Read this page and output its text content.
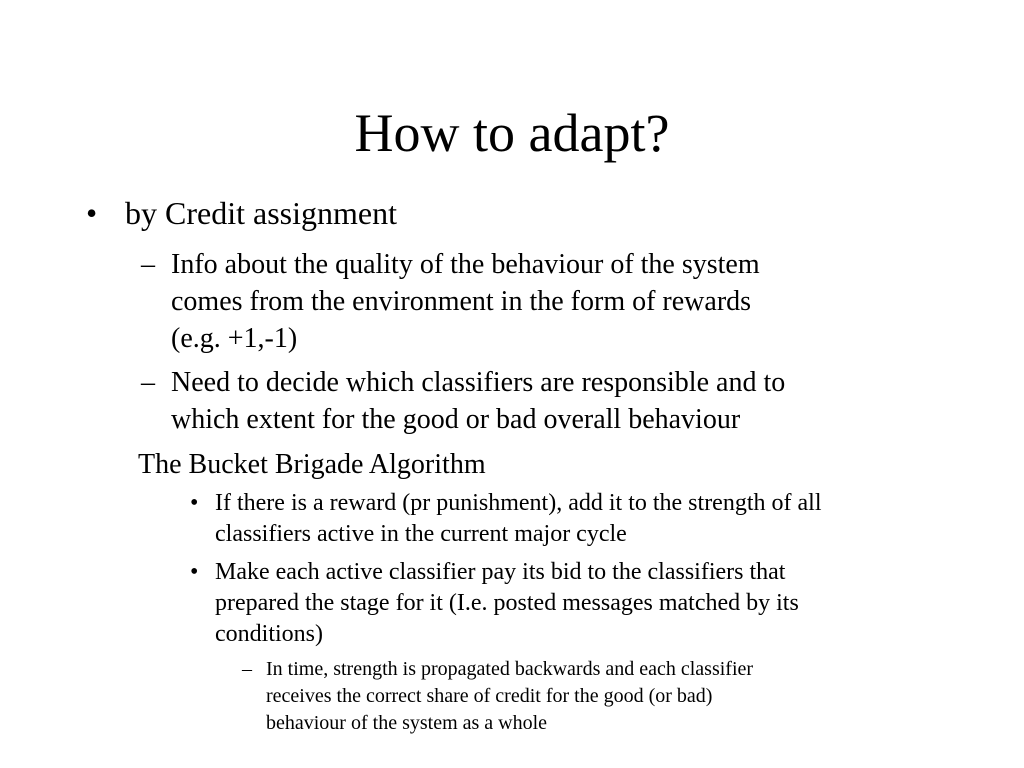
How to adapt?
• by Credit assignment
– Info about the quality of the behaviour of the system
comes from the environment in the form of rewards
(e.g. +1,-1)
– Need to decide which classifiers are responsible and to
which extent for the good or bad overall behaviour
The Bucket Brigade Algorithm
• If there is a reward (pr punishment), add it to the strength of all
classifiers active in the current major cycle
• Make each active classifier pay its bid to the classifiers that
prepared the stage for it (I.e. posted messages matched by its
conditions)
– In time, strength is propagated backwards and each classifier
receives the correct share of credit for the good (or bad)
behaviour of the system as a whole
